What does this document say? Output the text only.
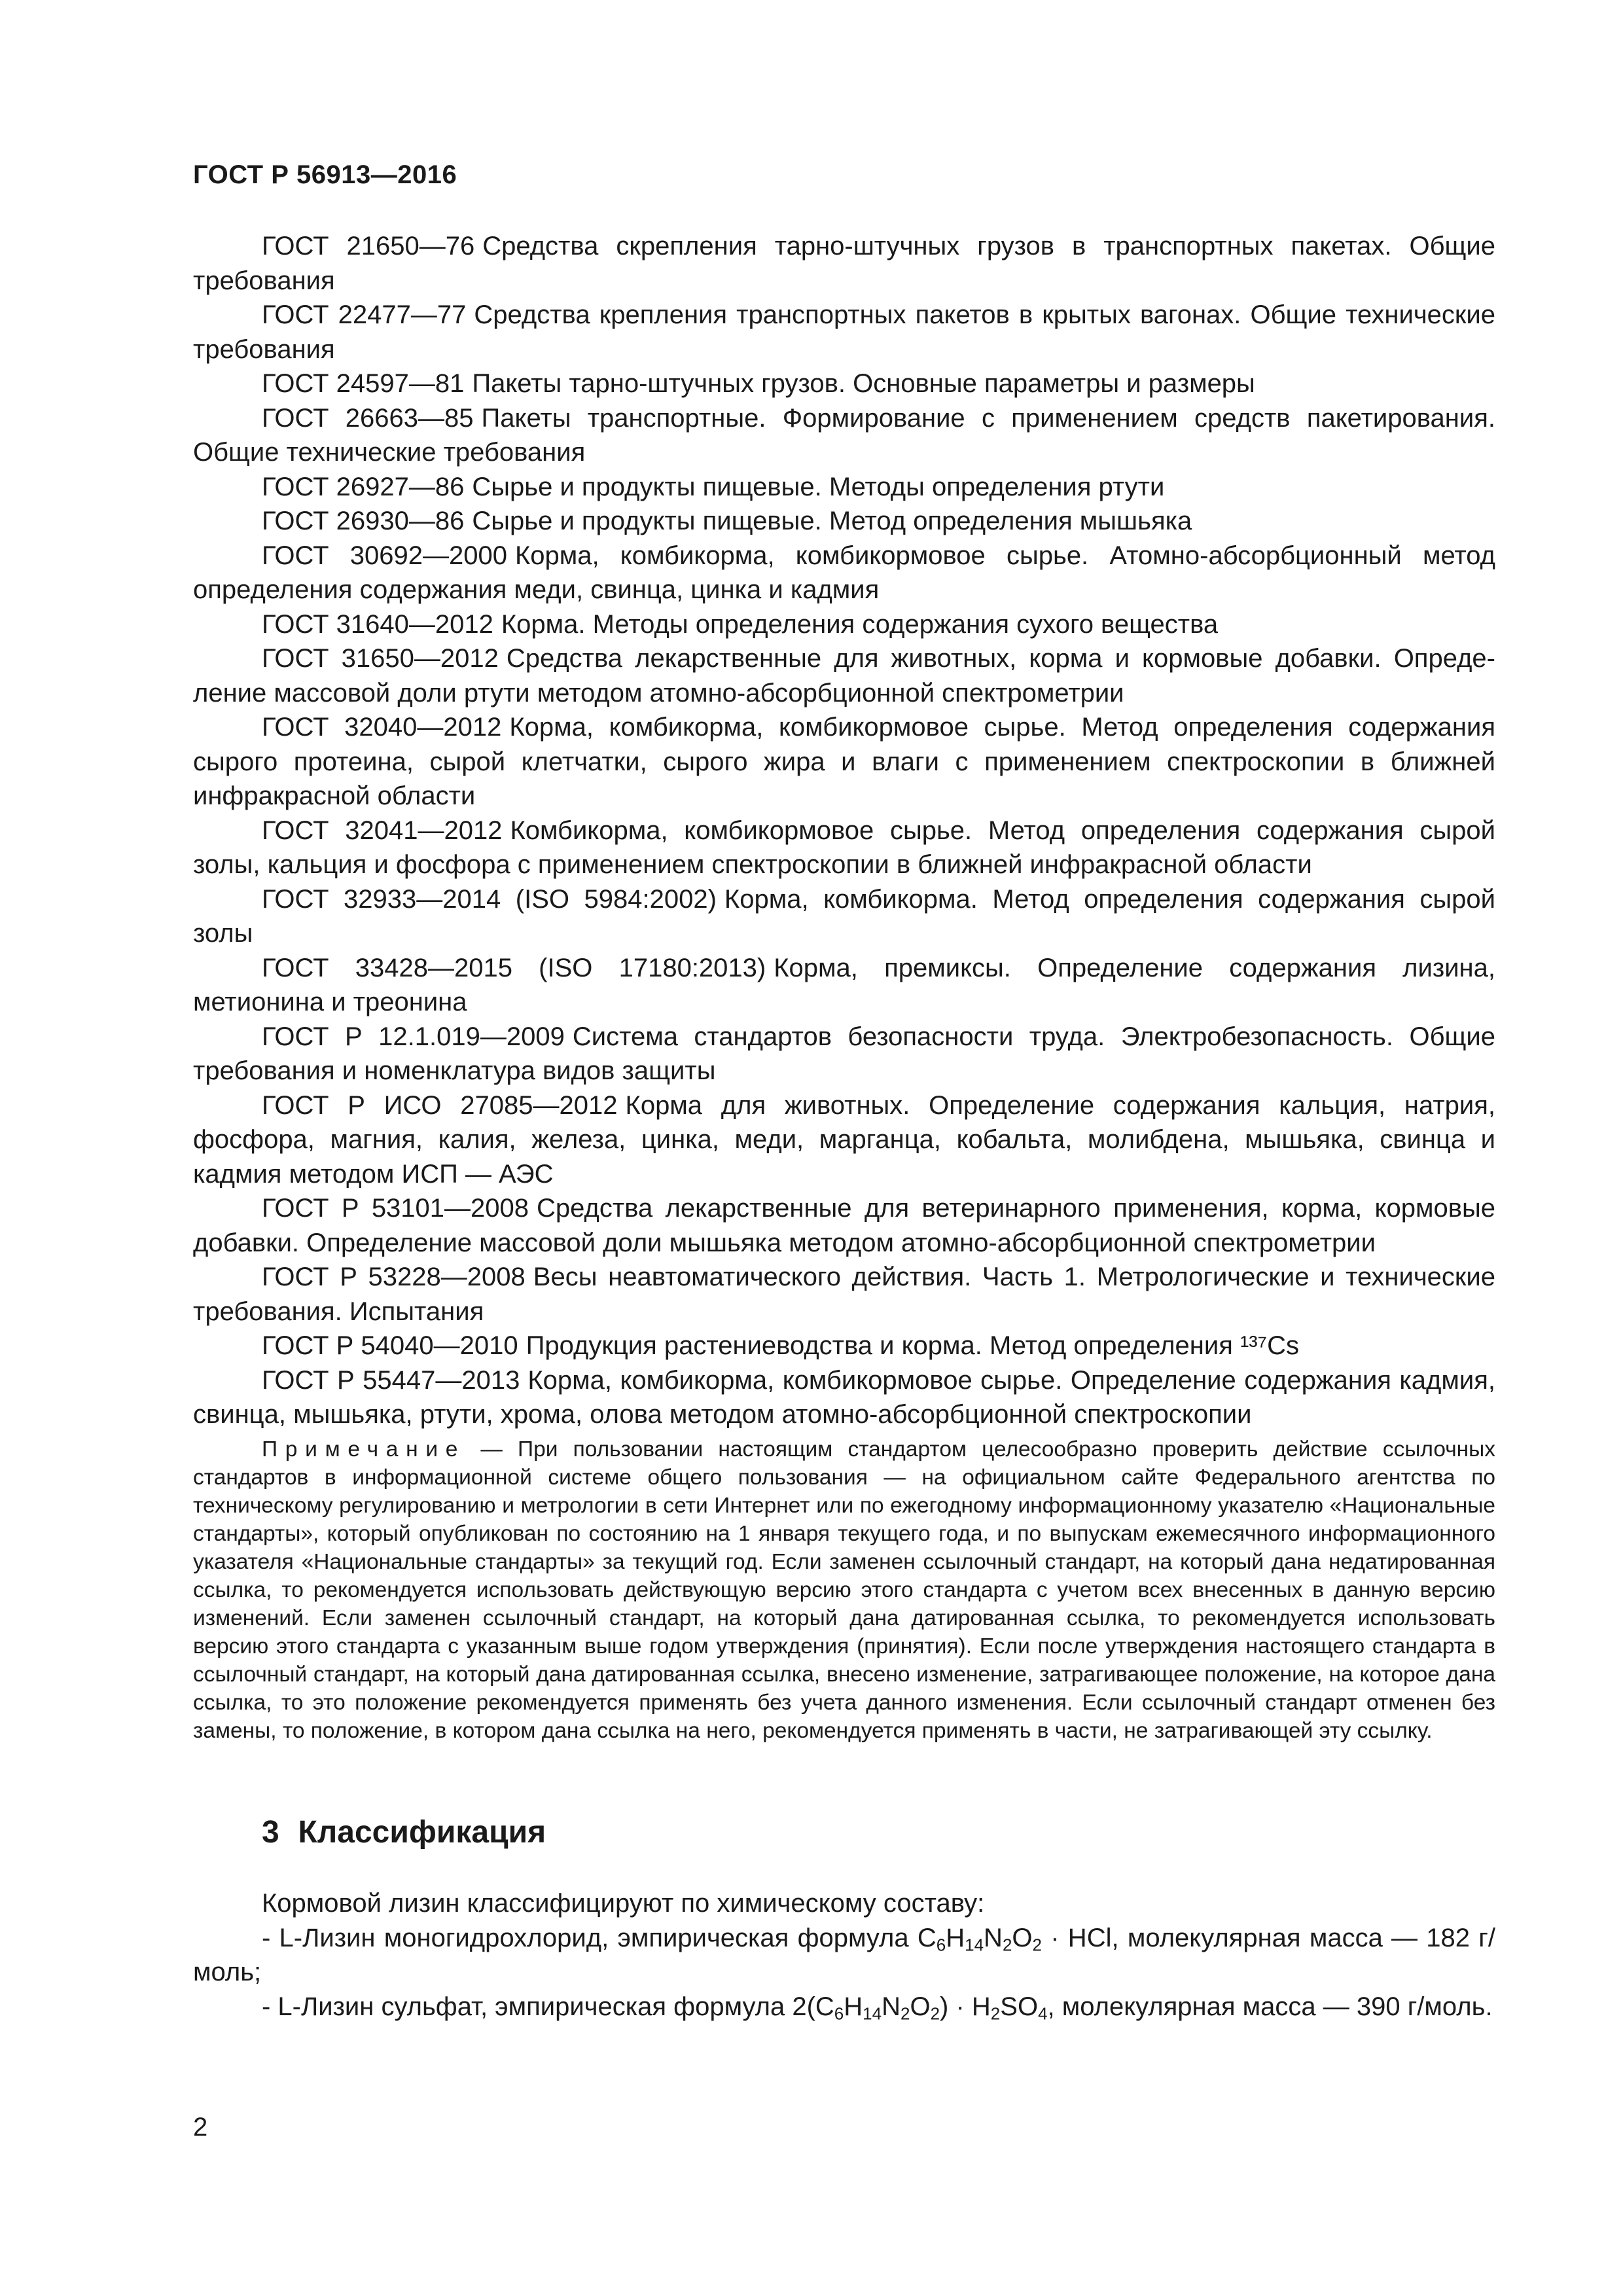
ГОСТ Р 56913—2016

ГОСТ 21650—76 Средства скрепления тарно-штучных грузов в транспортных пакетах. Общие требования

ГОСТ 22477—77 Средства крепления транспортных пакетов в крытых вагонах. Общие технические требования

ГОСТ 24597—81 Пакеты тарно-штучных грузов. Основные параметры и размеры

ГОСТ 26663—85 Пакеты транспортные. Формирование с применением средств пакетирования. Общие технические требования

ГОСТ 26927—86 Сырье и продукты пищевые. Методы определения ртути

ГОСТ 26930—86 Сырье и продукты пищевые. Метод определения мышьяка

ГОСТ 30692—2000 Корма, комбикорма, комбикормовое сырье. Атомно-абсорбционный метод определения содержания меди, свинца, цинка и кадмия

ГОСТ 31640—2012 Корма. Методы определения содержания сухого вещества

ГОСТ 31650—2012 Средства лекарственные для животных, корма и кормовые добавки. Определение массовой доли ртути методом атомно-абсорбционной спектрометрии

ГОСТ 32040—2012 Корма, комбикорма, комбикормовое сырье. Метод определения содержания сырого протеина, сырой клетчатки, сырого жира и влаги с применением спектроскопии в ближней инфракрасной области

ГОСТ 32041—2012 Комбикорма, комбикормовое сырье. Метод определения содержания сырой золы, кальция и фосфора с применением спектроскопии в ближней инфракрасной области

ГОСТ 32933—2014 (ISO 5984:2002) Корма, комбикорма. Метод определения содержания сырой золы

ГОСТ 33428—2015 (ISO 17180:2013) Корма, премиксы. Определение содержания лизина, метионина и треонина

ГОСТ Р 12.1.019—2009 Система стандартов безопасности труда. Электробезопасность. Общие требования и номенклатура видов защиты

ГОСТ Р ИСО 27085—2012 Корма для животных. Определение содержания кальция, натрия, фосфора, магния, калия, железа, цинка, меди, марганца, кобальта, молибдена, мышьяка, свинца и кадмия методом ИСП — АЭС

ГОСТ Р 53101—2008 Средства лекарственные для ветеринарного применения, корма, кормовые добавки. Определение массовой доли мышьяка методом атомно-абсорбционной спектрометрии

ГОСТ Р 53228—2008 Весы неавтоматического действия. Часть 1. Метрологические и технические требования. Испытания

ГОСТ Р 54040—2010 Продукция растениеводства и корма. Метод определения ¹³⁷Cs

ГОСТ Р 55447—2013 Корма, комбикорма, комбикормовое сырье. Определение содержания кадмия, свинца, мышьяка, ртути, хрома, олова методом атомно-абсорбционной спектроскопии

Примечание — При пользовании настоящим стандартом целесообразно проверить действие ссылочных стандартов в информационной системе общего пользования — на официальном сайте Федерального агентства по техническому регулированию и метрологии в сети Интернет или по ежегодному информационному указателю «Национальные стандарты», который опубликован по состоянию на 1 января текущего года, и по выпускам ежемесячного информационного указателя «Национальные стандарты» за текущий год. Если заменен ссылочный стандарт, на который дана недатированная ссылка, то рекомендуется использовать действующую версию этого стандарта с учетом всех внесенных в данную версию изменений. Если заменен ссылочный стандарт, на который дана датированная ссылка, то рекомендуется использовать версию этого стандарта с указанным выше годом утверждения (принятия). Если после утверждения настоящего стандарта в ссылочный стандарт, на который дана датированная ссылка, внесено изменение, затрагивающее положение, на которое дана ссылка, то это положение рекомендуется применять без учета данного изменения. Если ссылочный стандарт отменен без замены, то положение, в котором дана ссылка на него, рекомендуется применять в части, не затрагивающей эту ссылку.

3 Классификация

Кормовой лизин классифицируют по химическому составу:

- L-Лизин моногидрохлорид, эмпирическая формула $C_6H_{14}N_2O_2$ · HCl, молекулярная масса — 182 г/моль;

- L-Лизин сульфат, эмпирическая формула $2(C_6H_{14}N_2O_2) \cdot H_2SO_4$, молекулярная масса — 390 г/моль.

2
